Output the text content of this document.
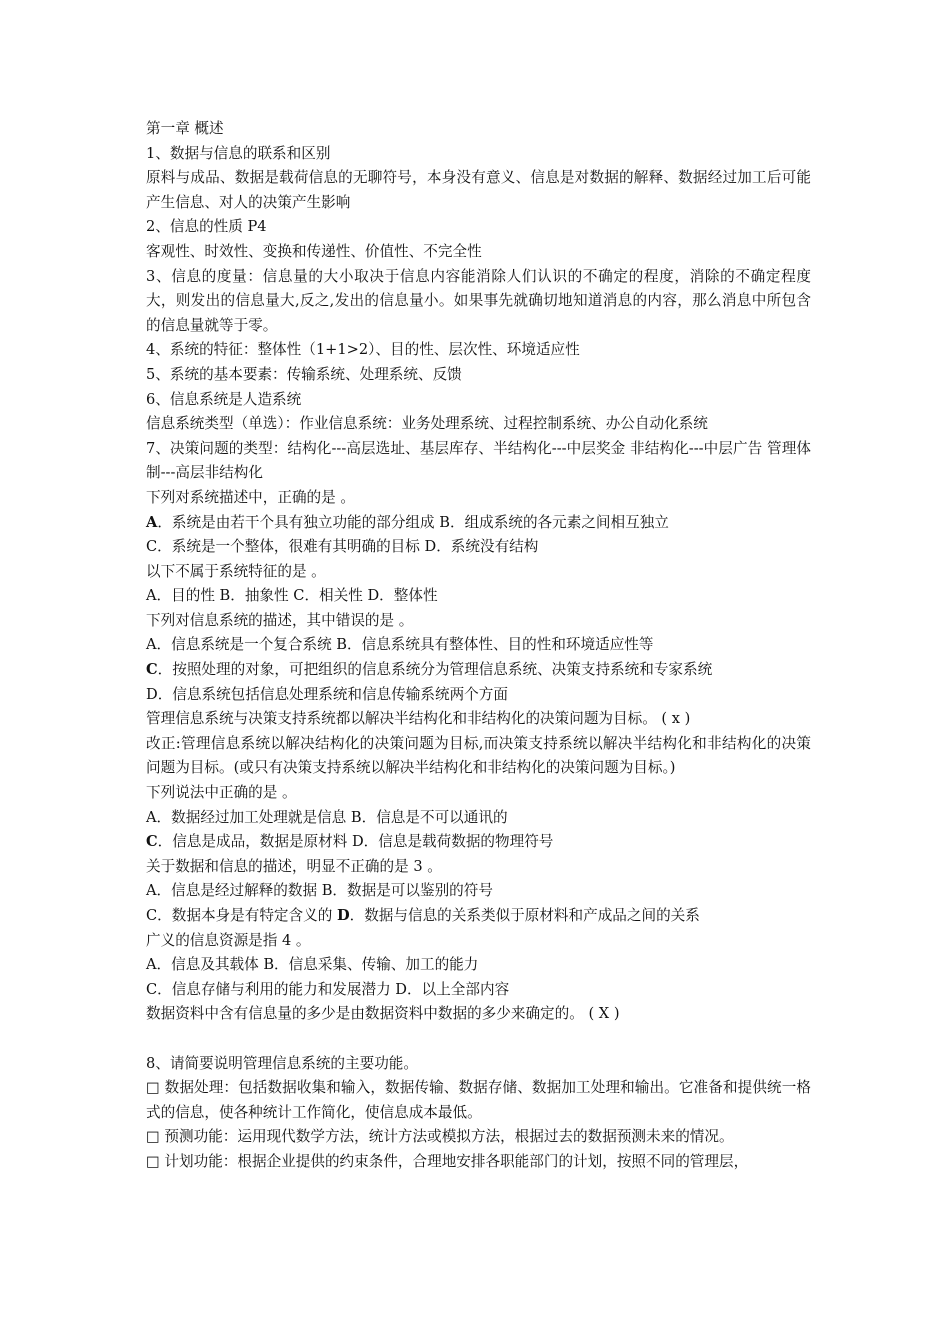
第一章 概述
1、数据与信息的联系和区别
原料与成品、数据是载荷信息的无聊符号，本身没有意义、信息是对数据的解释、数据经过加工后可能产生信息、对人的决策产生影响
2、信息的性质 P4
客观性、时效性、变换和传递性、价值性、不完全性
3、信息的度量：信息量的大小取决于信息内容能消除人们认识的不确定的程度，消除的不确定程度大，则发出的信息量大,反之,发出的信息量小。如果事先就确切地知道消息的内容，那么消息中所包含的信息量就等于零。
4、系统的特征：整体性（1+1>2）、目的性、层次性、环境适应性
5、系统的基本要素：传输系统、处理系统、反馈
6、信息系统是人造系统
信息系统类型（单选）：作业信息系统：业务处理系统、过程控制系统、办公自动化系统
7、决策问题的类型：结构化---高层选址、基层库存、半结构化---中层奖金 非结构化---中层广告 管理体制---高层非结构化
下列对系统描述中，正确的是 。
A．系统是由若干个具有独立功能的部分组成 B．组成系统的各元素之间相互独立
C．系统是一个整体，很难有其明确的目标 D．系统没有结构
以下不属于系统特征的是 。
A．目的性 B．抽象性 C．相关性 D．整体性
下列对信息系统的描述，其中错误的是 。
A．信息系统是一个复合系统 B．信息系统具有整体性、目的性和环境适应性等
C．按照处理的对象，可把组织的信息系统分为管理信息系统、决策支持系统和专家系统
D．信息系统包括信息处理系统和信息传输系统两个方面
管理信息系统与决策支持系统都以解决半结构化和非结构化的决策问题为目标。 ( x )
改正:管理信息系统以解决结构化的决策问题为目标,而决策支持系统以解决半结构化和非结构化的决策问题为目标。(或只有决策支持系统以解决半结构化和非结构化的决策问题为目标。)
下列说法中正确的是 。
A．数据经过加工处理就是信息 B．信息是不可以通讯的
C．信息是成品，数据是原材料 D．信息是载荷数据的物理符号
关于数据和信息的描述，明显不正确的是 3 。
A．信息是经过解释的数据 B．数据是可以鉴别的符号
C．数据本身是有特定含义的 D．数据与信息的关系类似于原材料和产成品之间的关系
广义的信息资源是指 4 。
A．信息及其载体 B．信息采集、传输、加工的能力
C．信息存储与利用的能力和发展潜力 D．以上全部内容
数据资料中含有信息量的多少是由数据资料中数据的多少来确定的。 ( X )
8、请简要说明管理信息系统的主要功能。
□ 数据处理：包括数据收集和输入，数据传输、数据存储、数据加工处理和输出。它准备和提供统一格式的信息，使各种统计工作简化，使信息成本最低。
□ 预测功能：运用现代数学方法，统计方法或模拟方法，根据过去的数据预测未来的情况。
□ 计划功能：根据企业提供的约束条件，合理地安排各职能部门的计划，按照不同的管理层，
